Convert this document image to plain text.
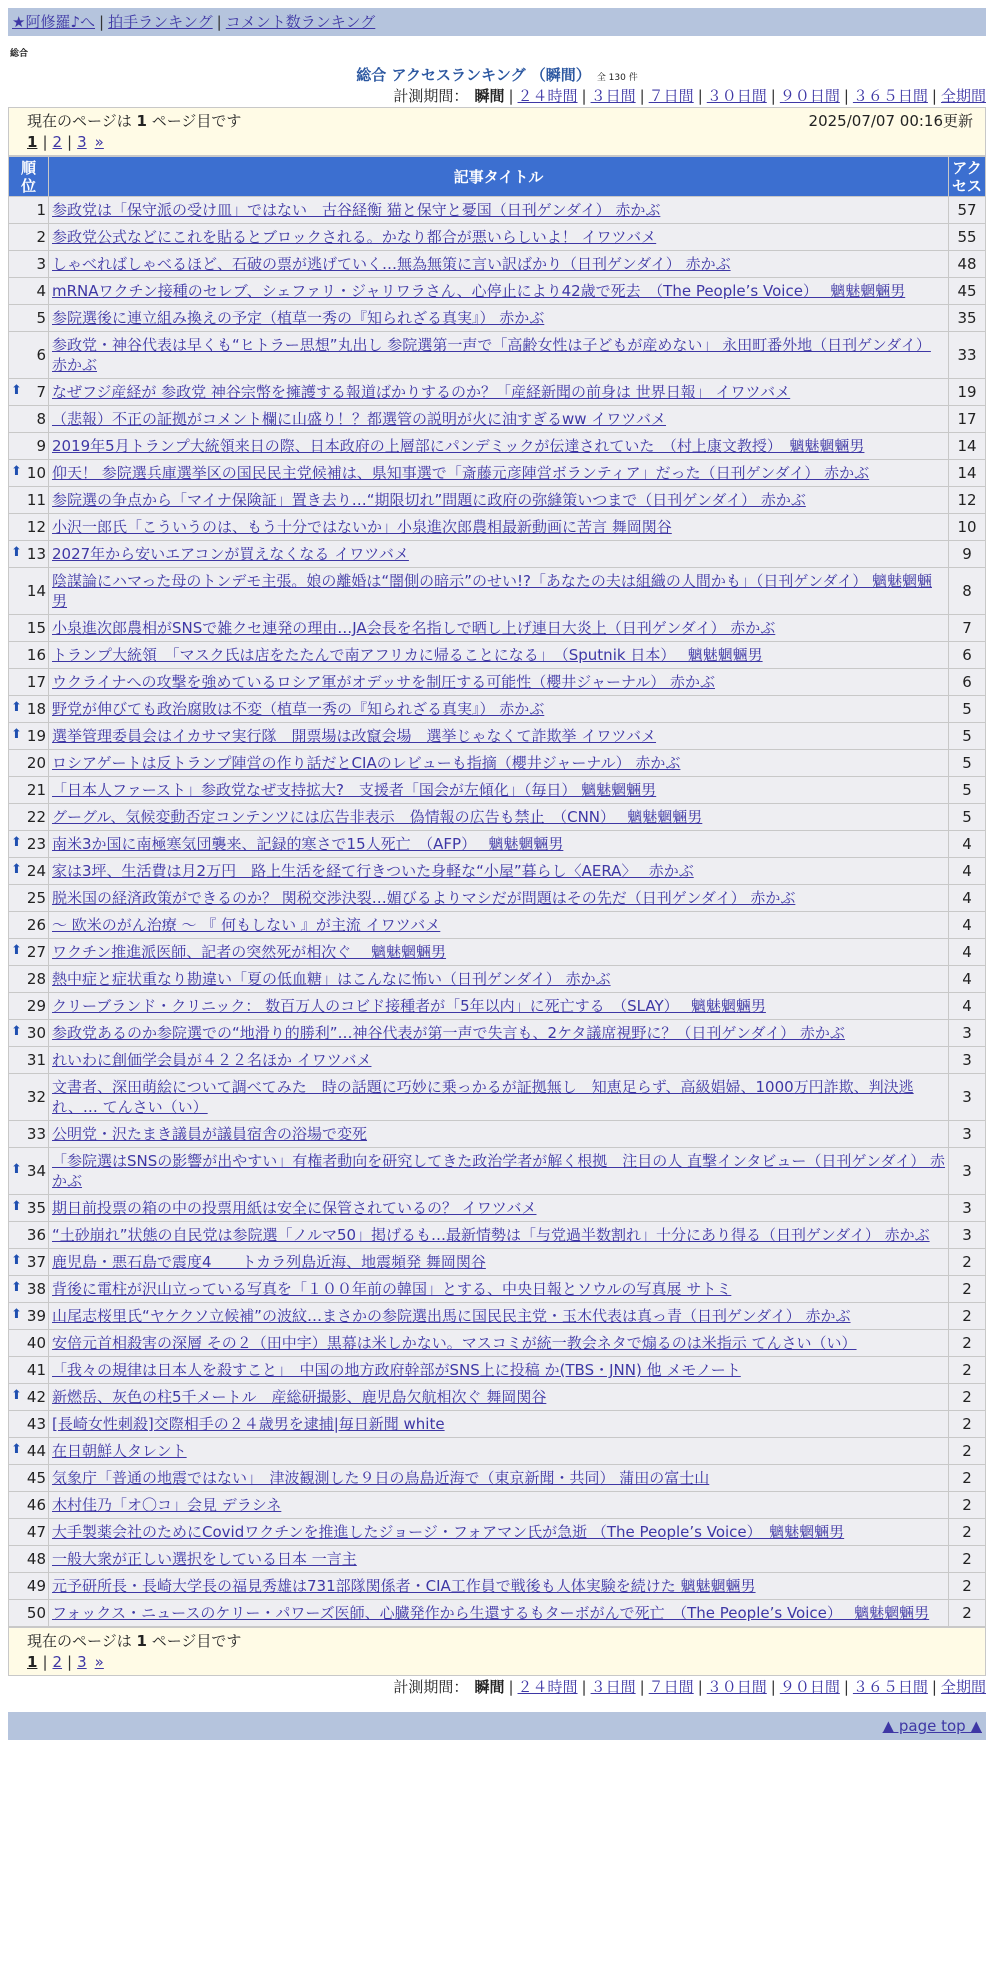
★阿修羅♪へ | 拍手ランキング | コメント数ランキング
総合
総合 アクセスランキング （瞬間） 全 130 件
計測期間： 瞬間 | ２４時間 | ３日間 | ７日間 | ３０日間 | ９０日間 | ３６５日間 | 全期間
現在のページは 1 ページ目です	2025/07/07 00:16更新
1 | 2 | 3 »
順位	記事タイトル	アクセス
1	参政党は「保守派の受け皿」ではない　古谷経衡 猫と保守と憂国（日刊ゲンダイ） 赤かぶ	57
2	参政党公式などにこれを貼るとブロックされる。かなり都合が悪いらしいよ！ イワツバメ	55
3	しゃべればしゃべるほど、石破の票が逃げていく…無為無策に言い訳ばかり（日刊ゲンダイ） 赤かぶ	48
4	mRNAワクチン接種のセレブ、シェファリ・ジャリワラさん、心停止により42歳で死去　（The People’s Voice）　 魑魅魍魎男	45
5	参院選後に連立組み換えの予定（植草一秀の『知られざる真実』） 赤かぶ	35
6	参政党・神谷代表は早くも“ヒトラー思想”丸出し 参院選第一声で「高齢女性は子どもが産めない」 永田町番外地（日刊ゲンダイ） 赤かぶ	33

⬆ 7	なぜフジ産経が 参政党 神谷宗幣を擁護する報道ばかりするのか？「産経新聞の前身は 世界日報」 イワツバメ	19
8	（悲報）不正の証拠がコメント欄に山盛り！？都選管の説明が火に油すぎるww イワツバメ	17
9	2019年5月トランプ大統領来日の際、日本政府の上層部にパンデミックが伝達されていた　（村上康文教授）　魑魅魍魎男	14

⬆ 10	仰天！ 参院選兵庫選挙区の国民民主党候補は、県知事選で「斎藤元彦陣営ボランティア」だった（日刊ゲンダイ） 赤かぶ	14
11	参院選の争点から「マイナ保険証」置き去り…“期限切れ”問題に政府の弥縫策いつまで（日刊ゲンダイ） 赤かぶ	12
12	小沢一郎氏「こういうのは、もう十分ではないか」小泉進次郎農相最新動画に苦言 舞岡関谷	10

⬆ 13	2027年から安いエアコンが買えなくなる イワツバメ	9
14	陰謀論にハマった母のトンデモ主張。娘の離婚は“闇側の暗示”のせい!?「あなたの夫は組織の人間かも」（日刊ゲンダイ） 魑魅魍魎男	8
15	小泉進次郎農相がSNSで雑クセ連発の理由…JA会長を名指しで晒し上げ連日大炎上（日刊ゲンダイ） 赤かぶ	7
16	トランプ大統領　「マスク氏は店をたたんで南アフリカに帰ることになる」　（Sputnik 日本）　 魑魅魍魎男	6
17	ウクライナへの攻撃を強めているロシア軍がオデッサを制圧する可能性（櫻井ジャーナル） 赤かぶ	6

⬆ 18	野党が伸びても政治腐敗は不変（植草一秀の『知られざる真実』） 赤かぶ	5

⬆ 19	選挙管理委員会はイカサマ実行隊　開票場は改竄会場　選挙じゃなくて詐欺挙 イワツバメ	5
20	ロシアゲートは反トランプ陣営の作り話だとCIAのレビューも指摘（櫻井ジャーナル） 赤かぶ	5
21	「日本人ファースト」参政党なぜ支持拡大?　支援者「国会が左傾化」（毎日） 魑魅魍魎男	5
22	グーグル、気候変動否定コンテンツには広告非表示　偽情報の広告も禁止　（CNN）　 魑魅魍魎男	5

⬆ 23	南米3か国に南極寒気団襲来、記録的寒さで15人死亡　（AFP）　 魑魅魍魎男	4

⬆ 24	家は3坪、生活費は月2万円　路上生活を経て行きついた身軽な“小屋”暮らし〈AERA〉　 赤かぶ	4
25	脱米国の経済政策ができるのか？ 関税交渉決裂…媚びるよりマシだが問題はその先だ（日刊ゲンダイ） 赤かぶ	4
26	～ 欧米のがん治療 ～ 『 何もしない 』が主流 イワツバメ	4

⬆ 27	ワクチン推進派医師、記者の突然死が相次ぐ　 魑魅魍魎男	4
28	熱中症と症状重なり勘違い「夏の低血糖」はこんなに怖い（日刊ゲンダイ） 赤かぶ	4
29	クリーブランド・クリニック： 数百万人のコビド接種者が「5年以内」に死亡する　（SLAY）　 魑魅魍魎男	4

⬆ 30	参政党あるのか参院選での“地滑り的勝利”…神谷代表が第一声で失言も、2ケタ議席視野に？（日刊ゲンダイ） 赤かぶ	3
31	れいわに創価学会員が４２２名ほか イワツバメ	3
32	文書者、深田萌絵について調べてみた　時の話題に巧妙に乗っかるが証拠無し　知恵足らず、高級娼婦、1000万円詐欺、判決逃れ、… てんさい（い）	3
33	公明党・沢たまき議員が議員宿舎の浴場で変死	3

⬆ 34	「参院選はSNSの影響が出やすい」有権者動向を研究してきた政治学者が解く根拠　注目の人 直撃インタビュー（日刊ゲンダイ） 赤かぶ	3

⬆ 35	期日前投票の箱の中の投票用紙は安全に保管されているの？ イワツバメ	3
36	“土砂崩れ”状態の自民党は参院選「ノルマ50」掲げるも…最新情勢は「与党過半数割れ」十分にあり得る（日刊ゲンダイ） 赤かぶ	3

⬆ 37	鹿児島・悪石島で震度4　　トカラ列島近海、地震頻発 舞岡関谷	2

⬆ 38	背後に電柱が沢山立っている写真を「１００年前の韓国」とする、中央日報とソウルの写真展 サトミ	2

⬆ 39	山尾志桜里氏“ヤケクソ立候補”の波紋…まさかの参院選出馬に国民民主党・玉木代表は真っ青（日刊ゲンダイ） 赤かぶ	2
40	安倍元首相殺害の深層 その２（田中宇）黒幕は米しかない。マスコミが統一教会ネタで煽るのは米指示 てんさい（い）	2
41	「我々の規律は日本人を殺すこと」　中国の地方政府幹部がSNS上に投稿 か(TBS・JNN) 他 メモノート	2

⬆ 42	新燃岳、灰色の柱5千メートル　産総研撮影、鹿児島欠航相次ぐ 舞岡関谷	2
43	[長崎女性刺殺]交際相手の２４歳男を逮捕|毎日新聞 white	2

⬆ 44	在日朝鮮人タレント	2
45	気象庁「普通の地震ではない」　津波観測した９日の鳥島近海で（東京新聞・共同） 蒲田の富士山	2
46	木村佳乃「オ〇コ」会見 デラシネ	2
47	大手製薬会社のためにCovidワクチンを推進したジョージ・フォアマン氏が急逝 （The People’s Voice）　魑魅魍魎男	2
48	一般大衆が正しい選択をしている日本 一言主	2
49	元予研所長・長崎大学長の福見秀雄は731部隊関係者・CIA工作員で戦後も人体実験を続けた 魑魅魍魎男	2
50	フォックス・ニュースのケリー・パワーズ医師、心臓発作から生還するもターボがんで死亡　（The People’s Voice）　 魑魅魍魎男	2
現在のページは 1 ページ目です
1 | 2 | 3 »
計測期間： 瞬間 | ２４時間 | ３日間 | ７日間 | ３０日間 | ９０日間 | ３６５日間 | 全期間
▲ page top ▲
